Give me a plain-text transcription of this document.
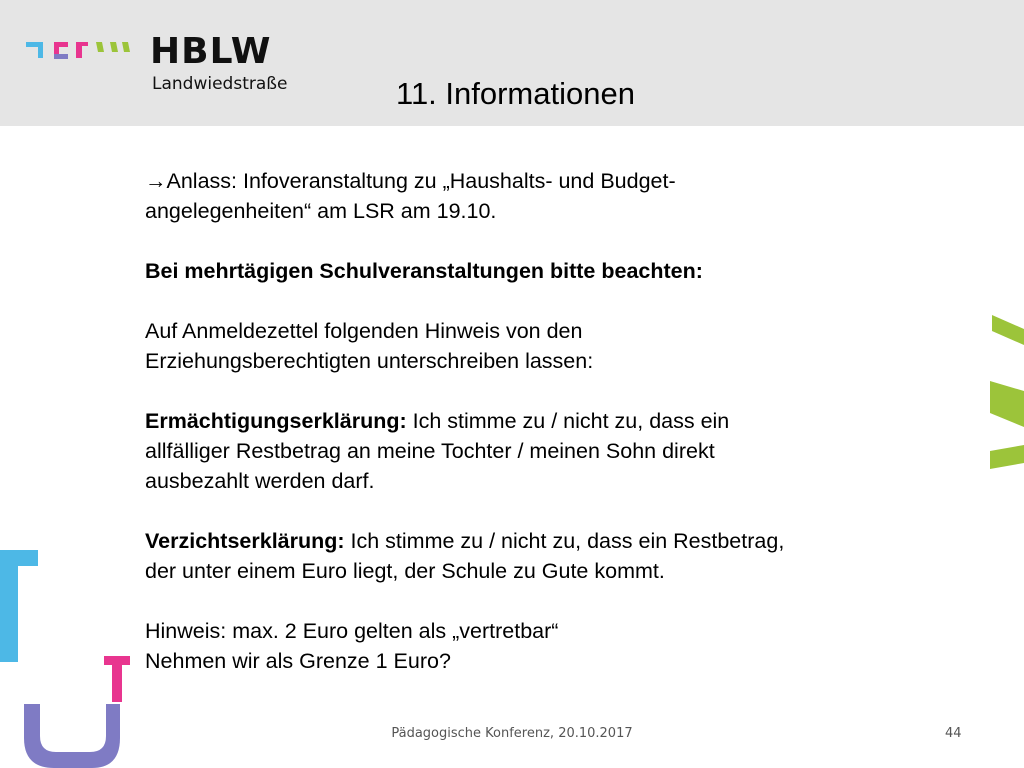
HBLW
Landwiedstraße	11. Informationen

→Anlass: Infoveranstaltung zu „Haushalts- und Budget-
angelegenheiten“ am LSR am 19.10.

Bei mehrtägigen Schulveranstaltungen bitte beachten:

Auf Anmeldezettel folgenden Hinweis von den
Erziehungsberechtigten unterschreiben lassen:

Ermächtigungserklärung: Ich stimme zu / nicht zu, dass ein
allfälliger Restbetrag an meine Tochter / meinen Sohn direkt
ausbezahlt werden darf.

Verzichtserklärung: Ich stimme zu / nicht zu, dass ein Restbetrag,
der unter einem Euro liegt, der Schule zu Gute kommt.

Hinweis: max. 2 Euro gelten als „vertretbar“
Nehmen wir als Grenze 1 Euro?

Pädagogische Konferenz, 20.10.2017	44
